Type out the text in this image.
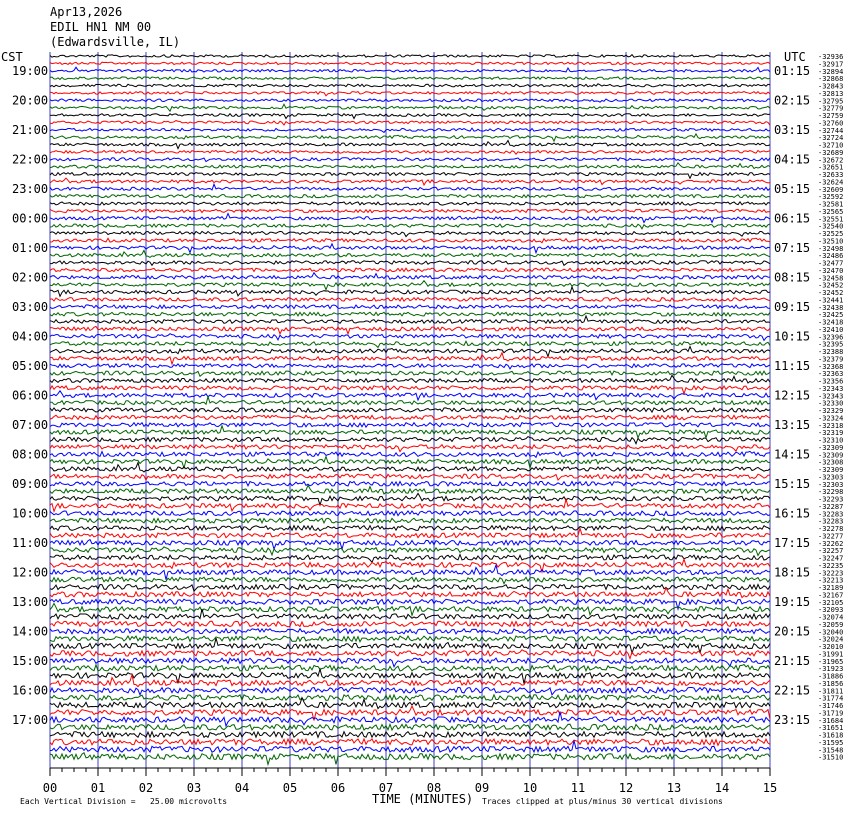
Apr13,2026
EDIL HN1 NM 00
(Edwardsville, IL)
CST	UTC -32936
-32917
-32894
-32868
-32843
-32813
-32795
-32779
-32759
-32760
-32744
-32724
-32710
-32689
-32672
-32651
-32633
-32624
-32609
-32592
-32581
-32565
-32551
-32540
-32525
-32510
-32498
-32486
-32477
-32470
-32458
-32452
-32452
-32441
-32438
-32425
-32418
-32410
-32396
-32395
-32388
-32379
-32368
-32363
-32356
-32343
-32343
-32330
-32329
-32324
-32318
-32319
-32310
-32309
-32309
-32308
-32309
-32303
-32303
-32298
-32293
-32287
-32283
-32283
-32278
-32277
-32262
-32257
-32247
-32235
-32223
-32213
-32189
-32167
-32105
-32093
-32074
-32059
-32040
-32024
-32010
-31991
-31965
-31923
-31886
-31856
-31811
-31774
-31746
-31719
-31684
-31651
-31618
-31595
-31548
-31510
19:00
20:00
21:00
22:00
23:00
00:00
01:00
02:00
03:00
04:00
05:00
06:00
07:00
08:00
09:00
10:00
11:00
12:00
13:00
14:00
15:00
16:00
17:00
01:15
02:15
03:15
04:15
05:15
06:15
07:15
08:15
09:15
10:15
11:15
12:15
13:15
14:15
15:15
16:15
17:15
18:15
19:15
20:15
21:15
22:15
23:15
00	01	02	03	04	05	06	07	08	09	10	11	12	13	14	15
Each Vertical Division =   25.00 microvolts	TIME (MINUTES) Traces clipped at plus/minus 30 vertical divisions
